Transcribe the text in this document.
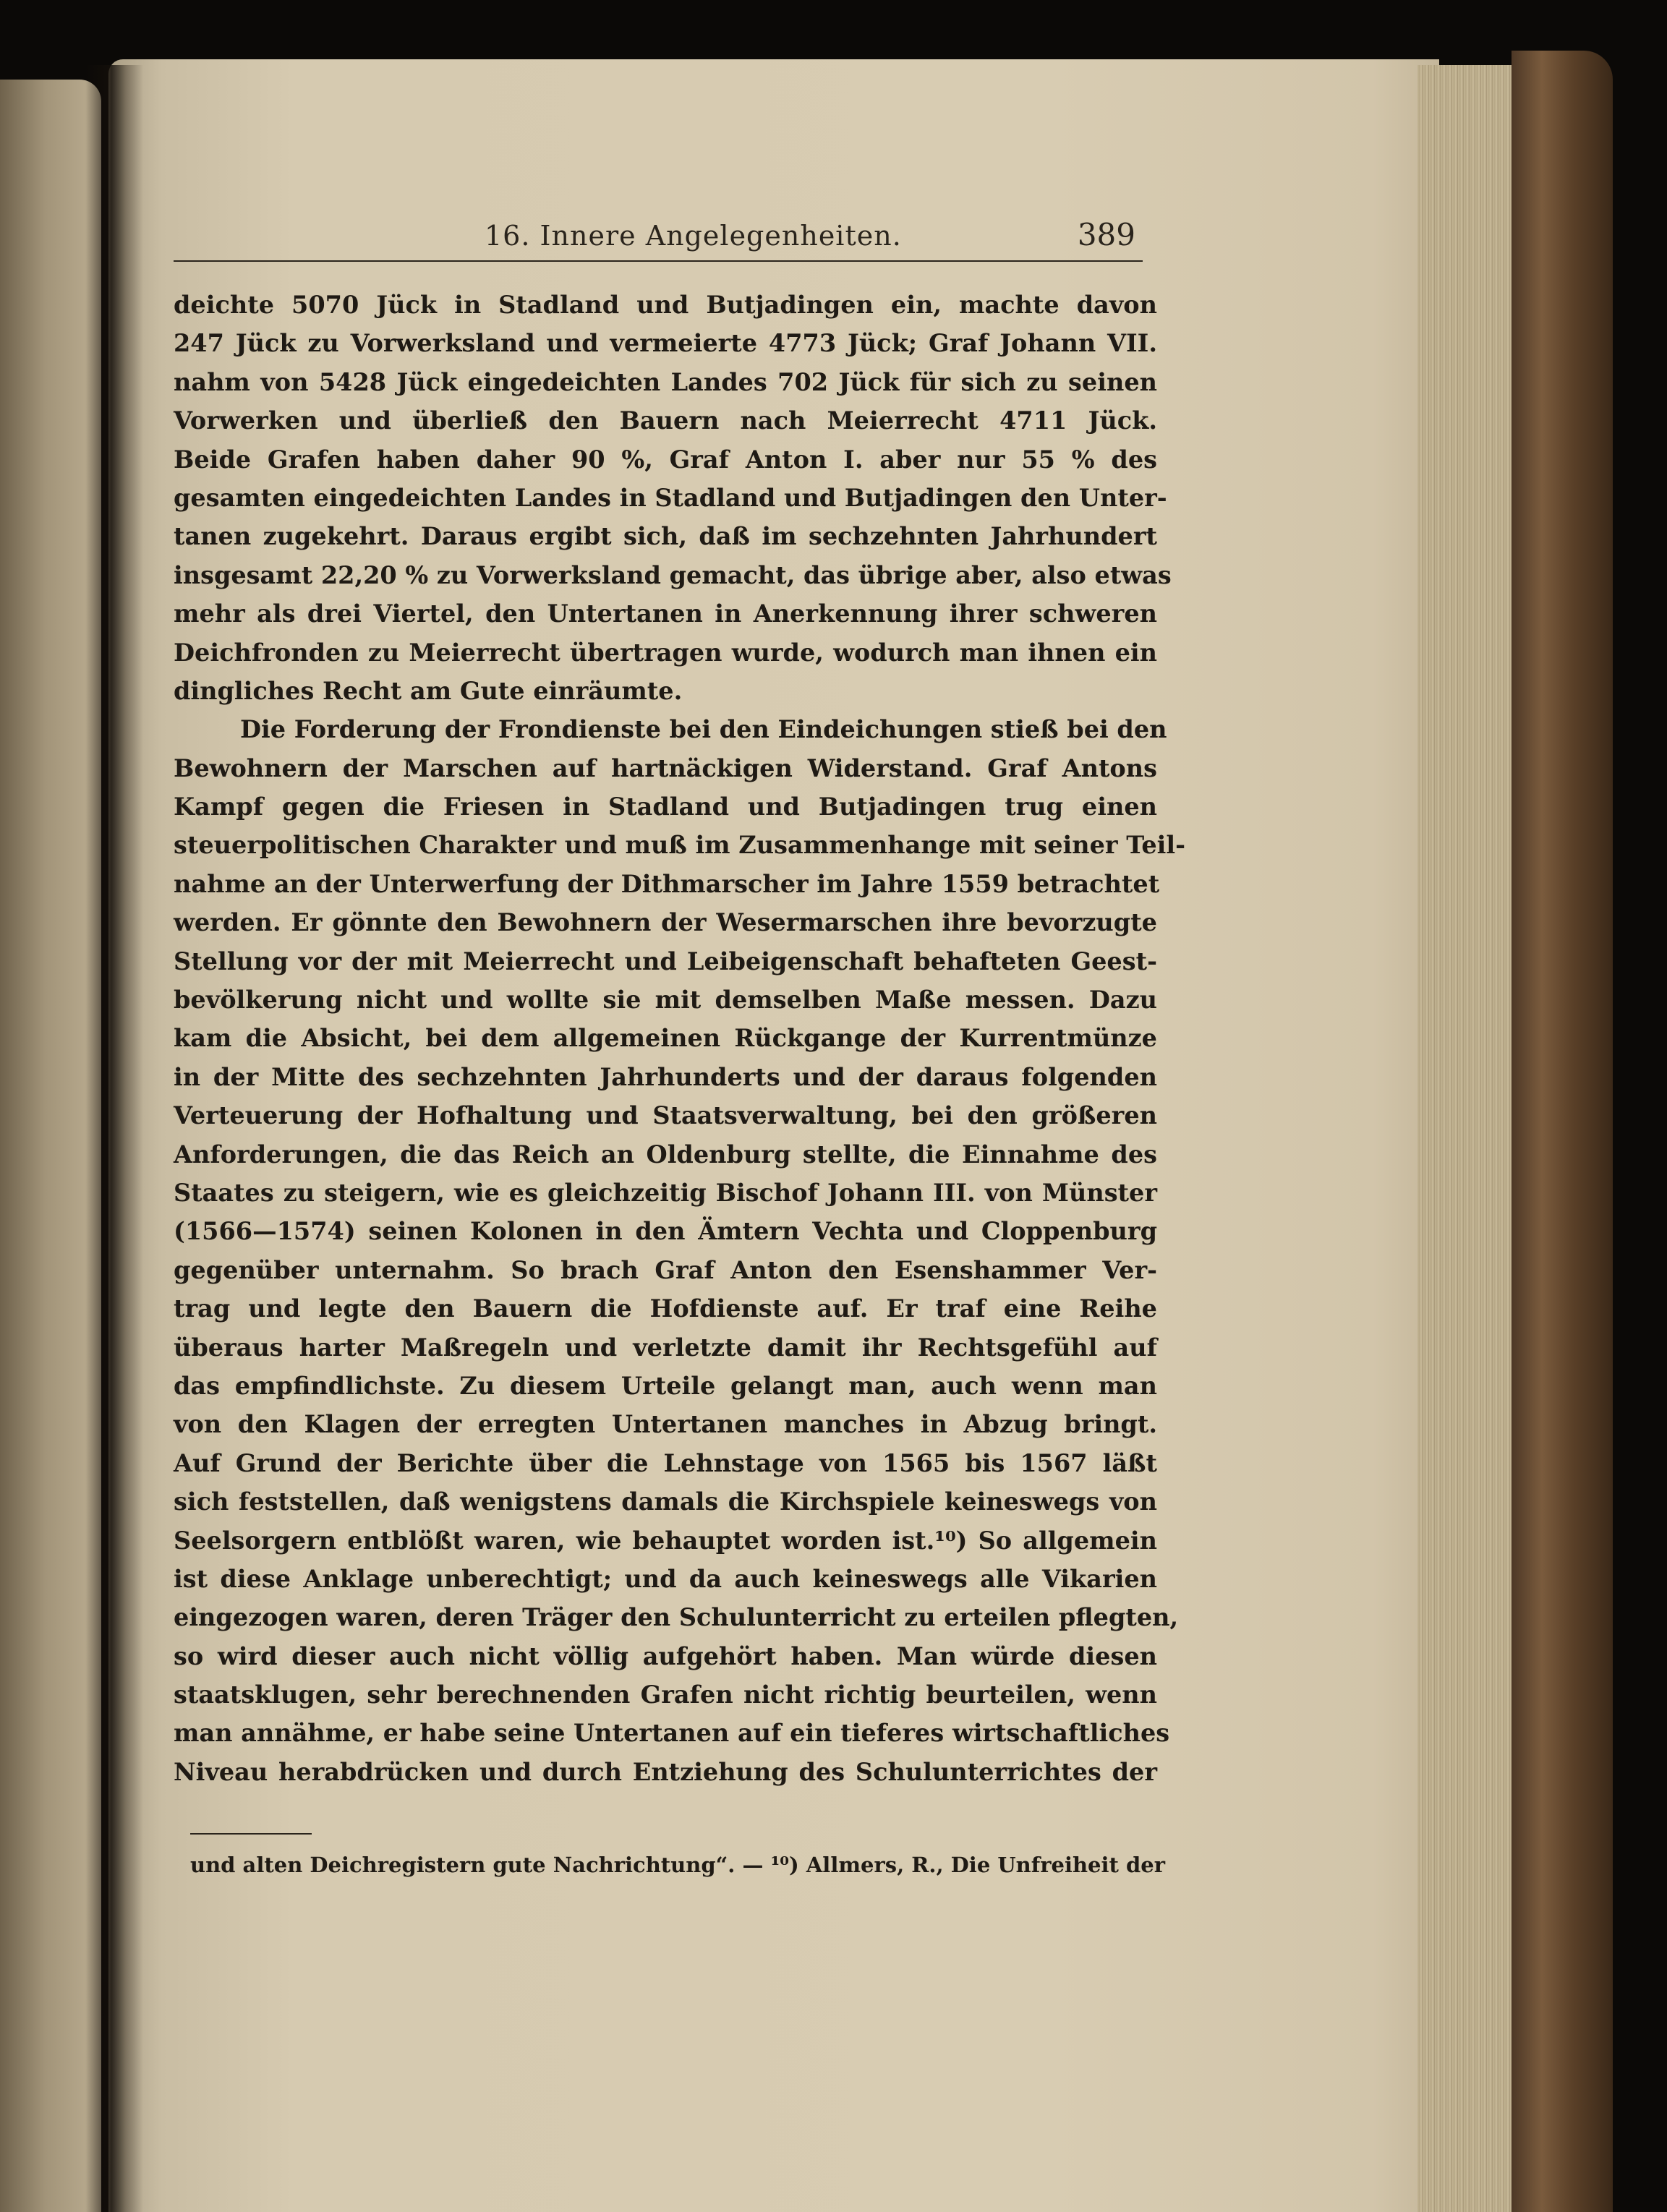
16. Innere Angelegenheiten.	389
deichte 5070 Jück in Stadland und Butjadingen ein, machte davon
247 Jück zu Vorwerksland und vermeierte 4773 Jück; Graf Johann VII.
nahm von 5428 Jück eingedeichten Landes 702 Jück für sich zu seinen
Vorwerken und überließ den Bauern nach Meierrecht 4711 Jück.
Beide Grafen haben daher 90 %, Graf Anton I. aber nur 55 % des
gesamten eingedeichten Landes in Stadland und Butjadingen den Unter-
tanen zugekehrt. Daraus ergibt sich, daß im sechzehnten Jahrhundert
insgesamt 22,20 % zu Vorwerksland gemacht, das übrige aber, also etwas
mehr als drei Viertel, den Untertanen in Anerkennung ihrer schweren
Deichfronden zu Meierrecht übertragen wurde, wodurch man ihnen ein
dingliches Recht am Gute einräumte.
Die Forderung der Frondienste bei den Eindeichungen stieß bei den
Bewohnern der Marschen auf hartnäckigen Widerstand. Graf Antons
Kampf gegen die Friesen in Stadland und Butjadingen trug einen
steuerpolitischen Charakter und muß im Zusammenhange mit seiner Teil-
nahme an der Unterwerfung der Dithmarscher im Jahre 1559 betrachtet
werden. Er gönnte den Bewohnern der Wesermarschen ihre bevorzugte
Stellung vor der mit Meierrecht und Leibeigenschaft behafteten Geest-
bevölkerung nicht und wollte sie mit demselben Maße messen. Dazu
kam die Absicht, bei dem allgemeinen Rückgange der Kurrentmünze
in der Mitte des sechzehnten Jahrhunderts und der daraus folgenden
Verteuerung der Hofhaltung und Staatsverwaltung, bei den größeren
Anforderungen, die das Reich an Oldenburg stellte, die Einnahme des
Staates zu steigern, wie es gleichzeitig Bischof Johann III. von Münster
(1566—1574) seinen Kolonen in den Ämtern Vechta und Cloppenburg
gegenüber unternahm. So brach Graf Anton den Esenshammer Ver-
trag und legte den Bauern die Hofdienste auf. Er traf eine Reihe
überaus harter Maßregeln und verletzte damit ihr Rechtsgefühl auf
das empfindlichste. Zu diesem Urteile gelangt man, auch wenn man
von den Klagen der erregten Untertanen manches in Abzug bringt.
Auf Grund der Berichte über die Lehnstage von 1565 bis 1567 läßt
sich feststellen, daß wenigstens damals die Kirchspiele keineswegs von
Seelsorgern entblößt waren, wie behauptet worden ist.¹⁰) So allgemein
ist diese Anklage unberechtigt; und da auch keineswegs alle Vikarien
eingezogen waren, deren Träger den Schulunterricht zu erteilen pflegten,
so wird dieser auch nicht völlig aufgehört haben. Man würde diesen
staatsklugen, sehr berechnenden Grafen nicht richtig beurteilen, wenn
man annähme, er habe seine Untertanen auf ein tieferes wirtschaftliches
Niveau herabdrücken und durch Entziehung des Schulunterrichtes der
und alten Deichregistern gute Nachrichtung“. — ¹⁰) Allmers, R., Die Unfreiheit der
